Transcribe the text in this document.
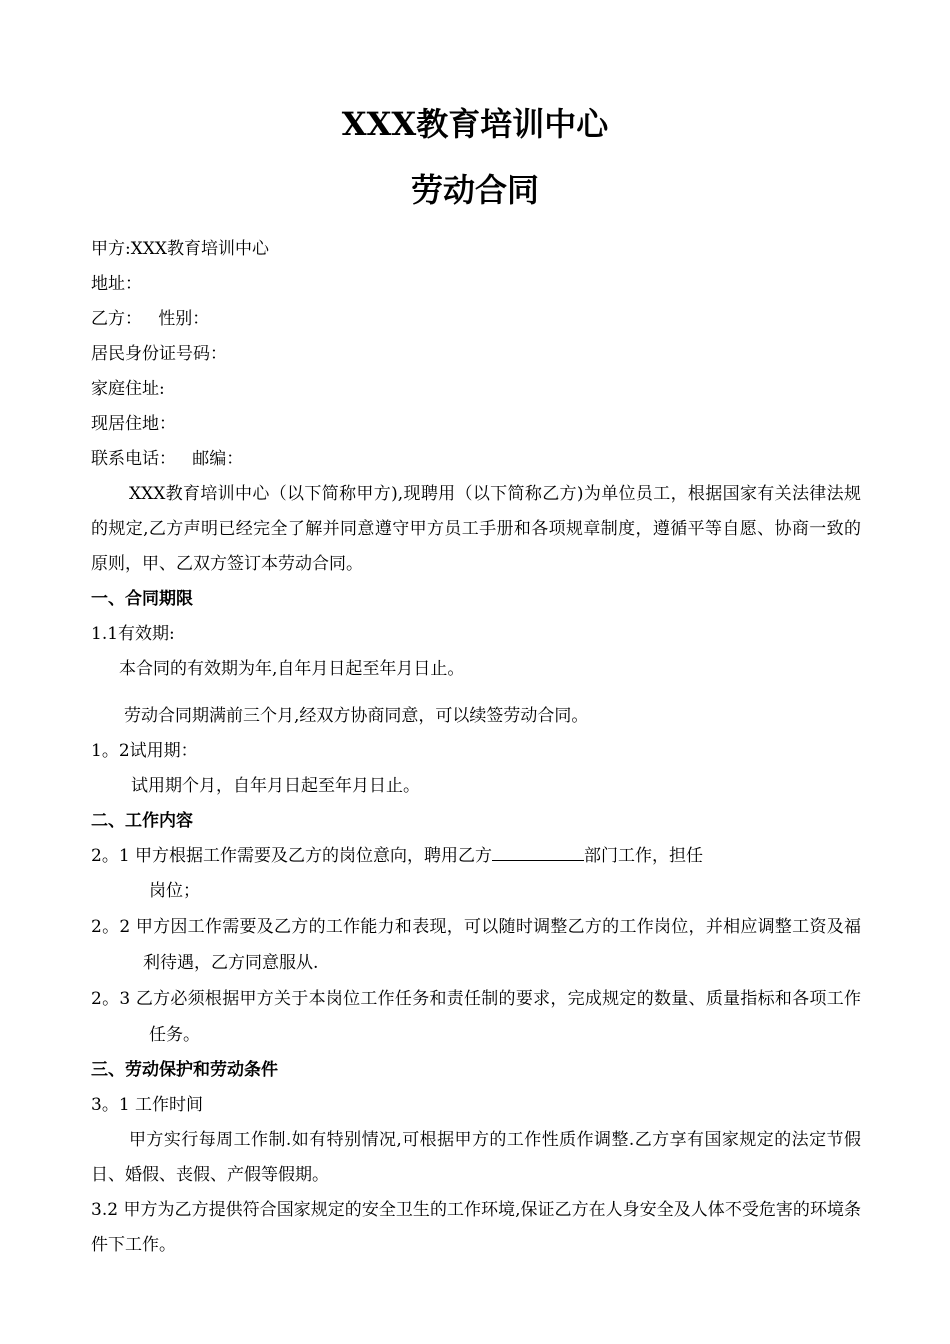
XXX教育培训中心
劳动合同
甲方:XXX教育培训中心
地址：
乙方：   性别：
居民身份证号码：
家庭住址:
现居住地：
联系电话：   邮编：
XXX教育培训中心（以下简称甲方),现聘用（以下简称乙方)为单位员工，根据国家有关法律法规的规定,乙方声明已经完全了解并同意遵守甲方员工手册和各项规章制度，遵循平等自愿、协商一致的原则，甲、乙双方签订本劳动合同。
一、合同期限
1.1有效期:
本合同的有效期为年,自年月日起至年月日止。
劳动合同期满前三个月,经双方协商同意，可以续签劳动合同。
1。2试用期：
试用期个月，自年月日起至年月日止。
二、工作内容
2。1 甲方根据工作需要及乙方的岗位意向，聘用乙方	部门工作，担任
岗位；
2。2 甲方因工作需要及乙方的工作能力和表现，可以随时调整乙方的工作岗位，并相应调整工资及福利待遇，乙方同意服从.
2。3 乙方必须根据甲方关于本岗位工作任务和责任制的要求，完成规定的数量、质量指标和各项工作任务。
三、劳动保护和劳动条件
3。1 工作时间
甲方实行每周工作制.如有特别情况,可根据甲方的工作性质作调整.乙方享有国家规定的法定节假日、婚假、丧假、产假等假期。
3.2 甲方为乙方提供符合国家规定的安全卫生的工作环境,保证乙方在人身安全及人体不受危害的环境条件下工作。
